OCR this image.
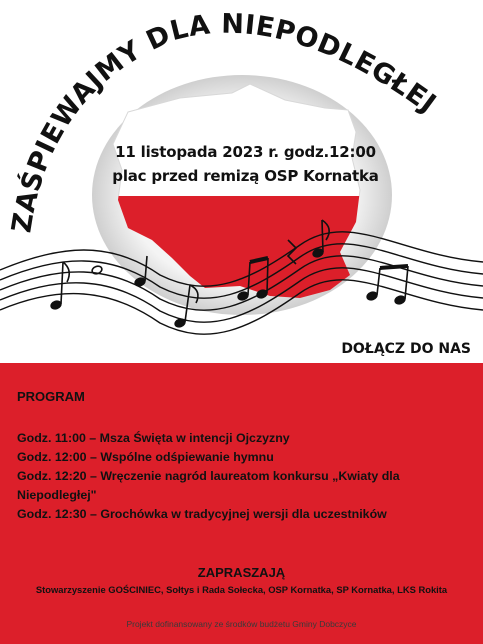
ZAŚPIEWAJMY DLA NIEPODLEGŁEJ
11 listopada 2023 r. godz.12:00
plac przed remizą OSP Kornatka
DOŁĄCZ DO NAS
PROGRAM
Godz. 11:00 – Msza Święta w intencji Ojczyzny
Godz. 12:00 – Wspólne odśpiewanie hymnu
Godz. 12:20 – Wręczenie nagród laureatom konkursu „Kwiaty dla Niepodległej"
Godz. 12:30 – Grochówka w tradycyjnej wersji dla uczestników
ZAPRASZAJĄ
Stowarzyszenie GOŚCINIEC, Sołtys i Rada Sołecka, OSP Kornatka, SP Kornatka, LKS Rokita
Projekt dofinansowany ze środków budżetu Gminy Dobczyce
